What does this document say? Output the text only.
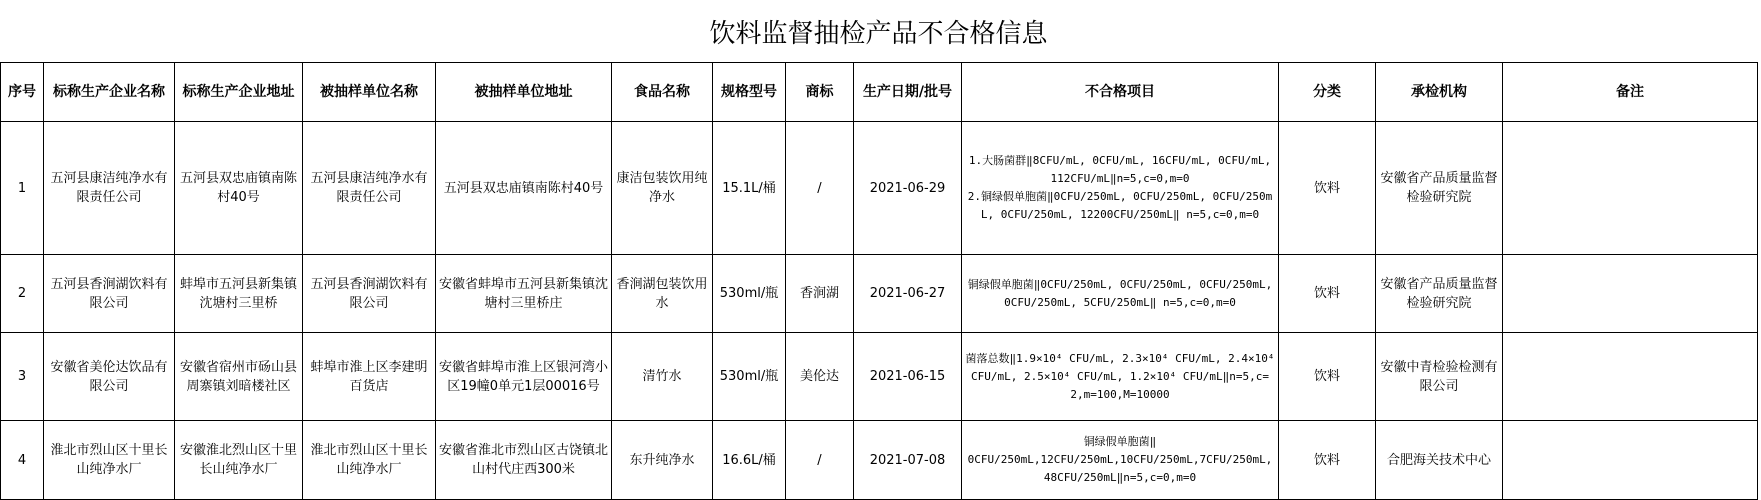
饮料监督抽检产品不合格信息
序号	标称生产企业名称	标称生产企业地址	被抽样单位名称	被抽样单位地址	食品名称	规格型号	商标	生产日期/批号	不合格项目	分类	承检机构	备注
1	五河县康洁纯净水有限责任公司	五河县双忠庙镇南陈村40号	五河县康洁纯净水有限责任公司	五河县双忠庙镇南陈村40号	康洁包装饮用纯净水	15.1L/桶	/	2021-06-29	1.大肠菌群‖8CFU/mL, 0CFU/mL, 16CFU/mL, 0CFU/mL, 112CFU/mL‖n=5,c=0,m=0
2.铜绿假单胞菌‖0CFU/250mL, 0CFU/250mL, 0CFU/250mL, 0CFU/250mL, 12200CFU/250mL‖ n=5,c=0,m=0	饮料	安徽省产品质量监督检验研究院	
2	五河县香涧湖饮料有限公司	蚌埠市五河县新集镇沈塘村三里桥	五河县香涧湖饮料有限公司	安徽省蚌埠市五河县新集镇沈塘村三里桥庄	香涧湖包装饮用水	530ml/瓶	香涧湖	2021-06-27	铜绿假单胞菌‖0CFU/250mL, 0CFU/250mL, 0CFU/250mL, 0CFU/250mL, 5CFU/250mL‖ n=5,c=0,m=0	饮料	安徽省产品质量监督检验研究院	
3	安徽省美伦达饮品有限公司	安徽省宿州市砀山县周寨镇刘暗楼社区	蚌埠市淮上区李建明百货店	安徽省蚌埠市淮上区银河湾小区19幢0单元1层00016号	清竹水	530ml/瓶	美伦达	2021-06-15	菌落总数‖1.9×10⁴ CFU/mL, 2.3×10⁴ CFU/mL, 2.4×10⁴ CFU/mL, 2.5×10⁴ CFU/mL, 1.2×10⁴ CFU/mL‖n=5,c=2,m=100,M=10000	饮料	安徽中青检验检测有限公司	
4	淮北市烈山区十里长山纯净水厂	安徽淮北烈山区十里长山纯净水厂	淮北市烈山区十里长山纯净水厂	安徽省淮北市烈山区古饶镇北山村代庄西300米	东升纯净水	16.6L/桶	/	2021-07-08	铜绿假单胞菌‖
0CFU/250mL,12CFU/250mL,10CFU/250mL,7CFU/250mL,48CFU/250mL‖n=5,c=0,m=0	饮料	合肥海关技术中心	
